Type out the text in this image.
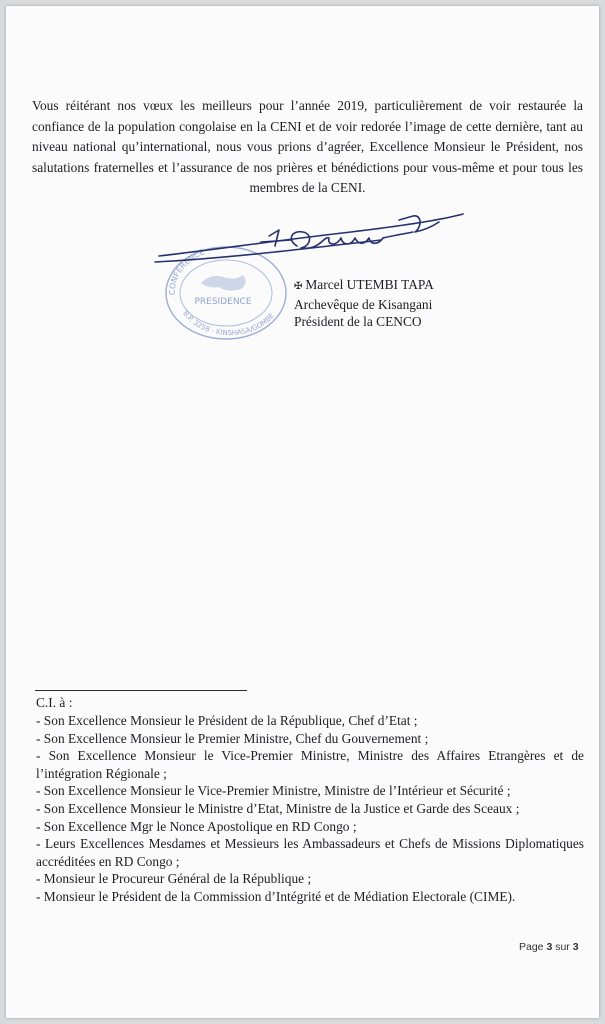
Vous réitérant nos vœux les meilleurs pour l’année 2019, particulièrement de voir restaurée la confiance de la population congolaise en la CENI et de voir redorée l’image de cette dernière, tant au niveau national qu’international, nous vous prions d’agréer, Excellence Monsieur le Président, nos salutations fraternelles et l’assurance de nos prières et bénédictions pour vous-même et pour tous les membres de la CENI.

CONFERENCE
B.P. 3258 - KINSHASA/GOMBE
PRESIDENCE
✠ Marcel UTEMBI TAPA
Archevêque de Kisangani
Président de la CENCO
C.I. à :
- Son Excellence Monsieur le Président de la République, Chef d’Etat ;
- Son Excellence Monsieur le Premier Ministre, Chef du Gouvernement ;
- Son Excellence Monsieur le Vice-Premier Ministre, Ministre des Affaires Etrangères et de l’intégration Régionale ;
- Son Excellence Monsieur le Vice-Premier Ministre, Ministre de l’Intérieur et Sécurité ;
- Son Excellence Monsieur le Ministre d’Etat, Ministre de la Justice et Garde des Sceaux ;
- Son Excellence Mgr le Nonce Apostolique en RD Congo ;
- Leurs Excellences Mesdames et Messieurs les Ambassadeurs et Chefs de Missions Diplomatiques accréditées en RD Congo ;
- Monsieur le Procureur Général de la République ;
- Monsieur le Président de la Commission d’Intégrité et de Médiation Electorale (CIME).
Page 3 sur 3
